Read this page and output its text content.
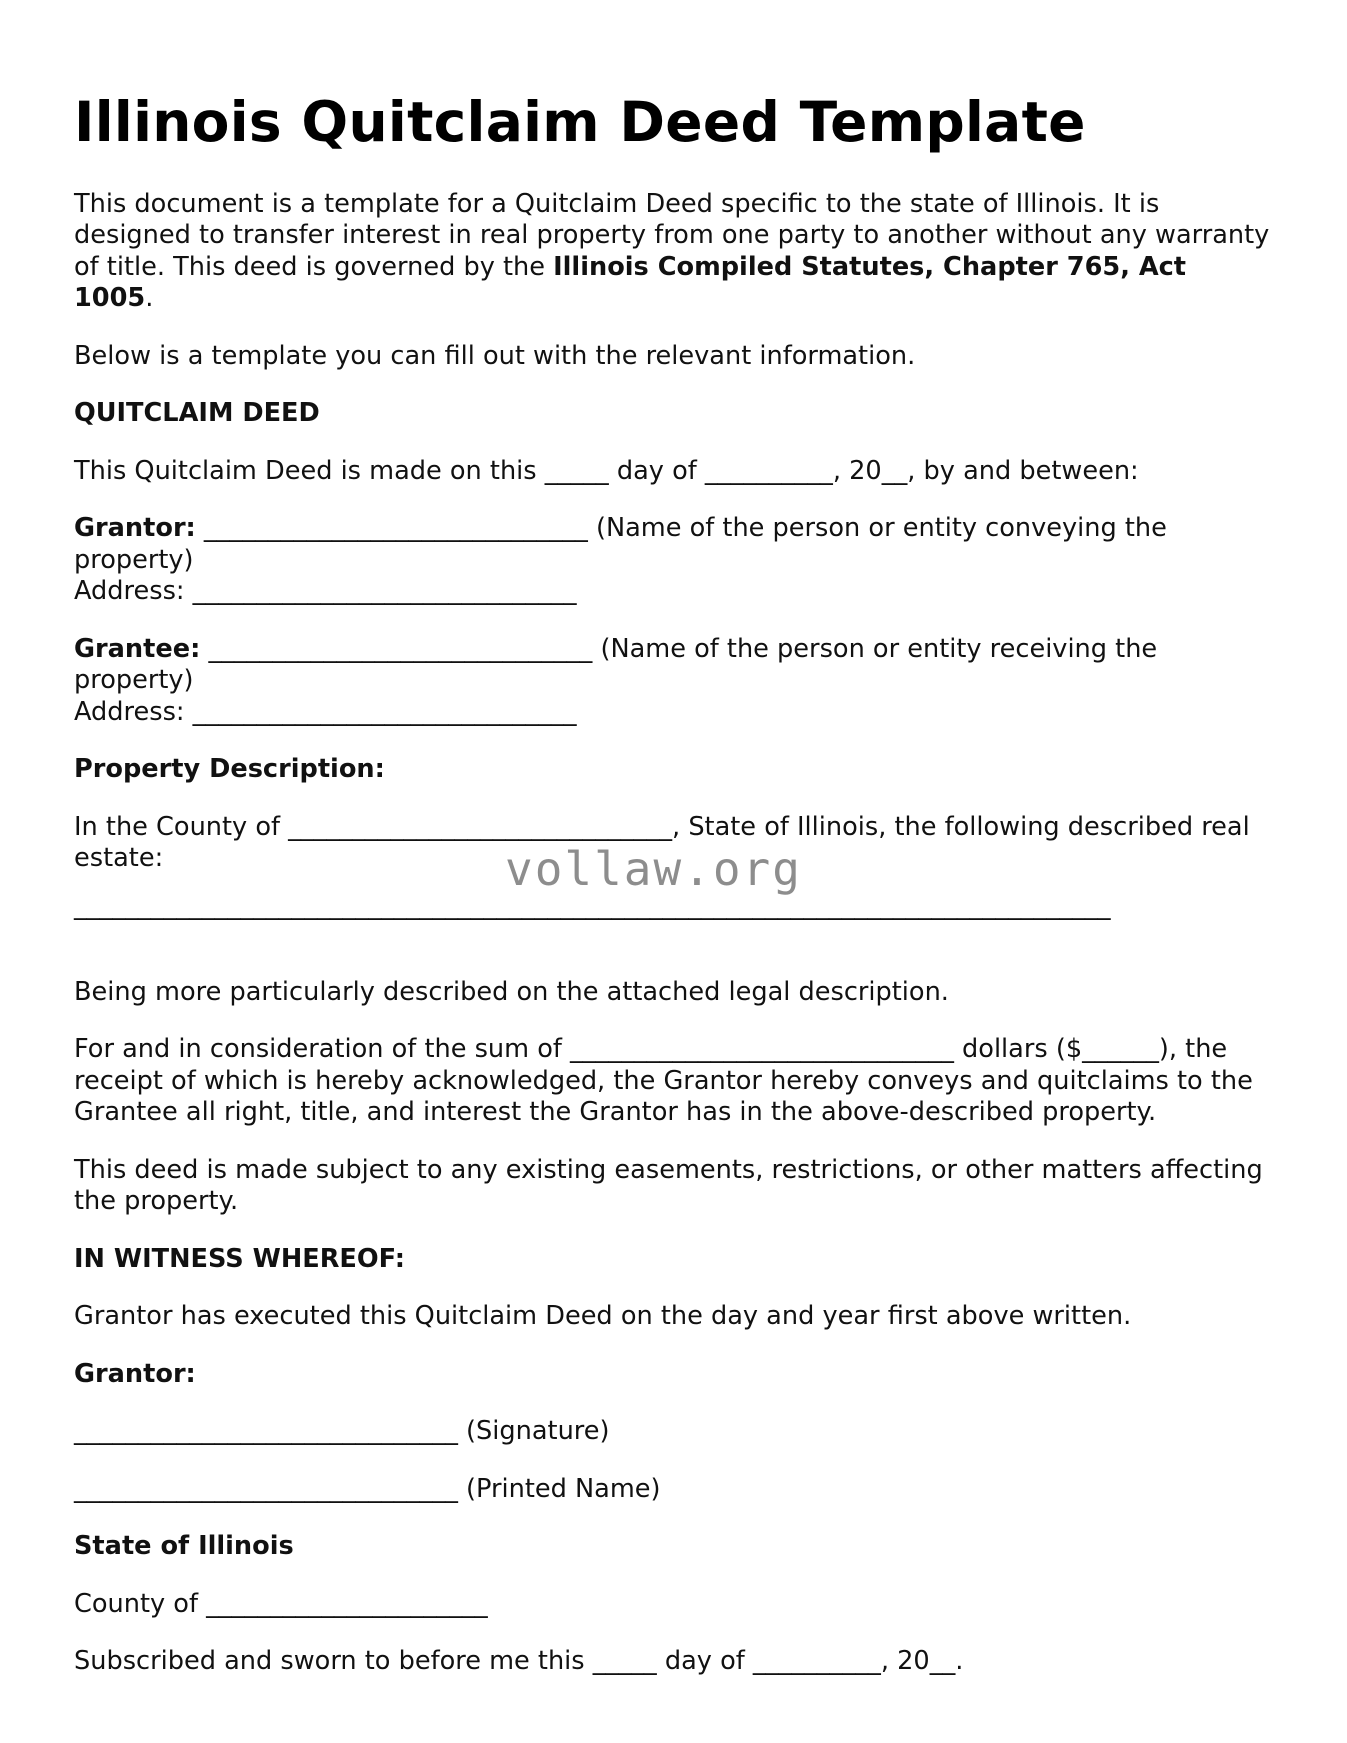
Illinois Quitclaim Deed Template

This document is a template for a Quitclaim Deed specific to the state of Illinois. It is designed to transfer interest in real property from one party to another without any warranty of title. This deed is governed by the Illinois Compiled Statutes, Chapter 765, Act 1005.

Below is a template you can fill out with the relevant information.

QUITCLAIM DEED

This Quitclaim Deed is made on this _____ day of __________, 20__, by and between:

Grantor: ______________________________ (Name of the person or entity conveying the property)
Address: ______________________________

Grantee: ______________________________ (Name of the person or entity receiving the property)
Address: ______________________________

Property Description:

In the County of ______________________________, State of Illinois, the following described real estate:

_________________________________________________________________________________

Being more particularly described on the attached legal description.

For and in consideration of the sum of ______________________________ dollars ($______), the receipt of which is hereby acknowledged, the Grantor hereby conveys and quitclaims to the Grantee all right, title, and interest the Grantor has in the above-described property.

This deed is made subject to any existing easements, restrictions, or other matters affecting the property.

IN WITNESS WHEREOF:

Grantor has executed this Quitclaim Deed on the day and year first above written.

Grantor:

______________________________ (Signature)

______________________________ (Printed Name)

State of Illinois

County of ______________________

Subscribed and sworn to before me this _____ day of __________, 20__.

vollaw.org
